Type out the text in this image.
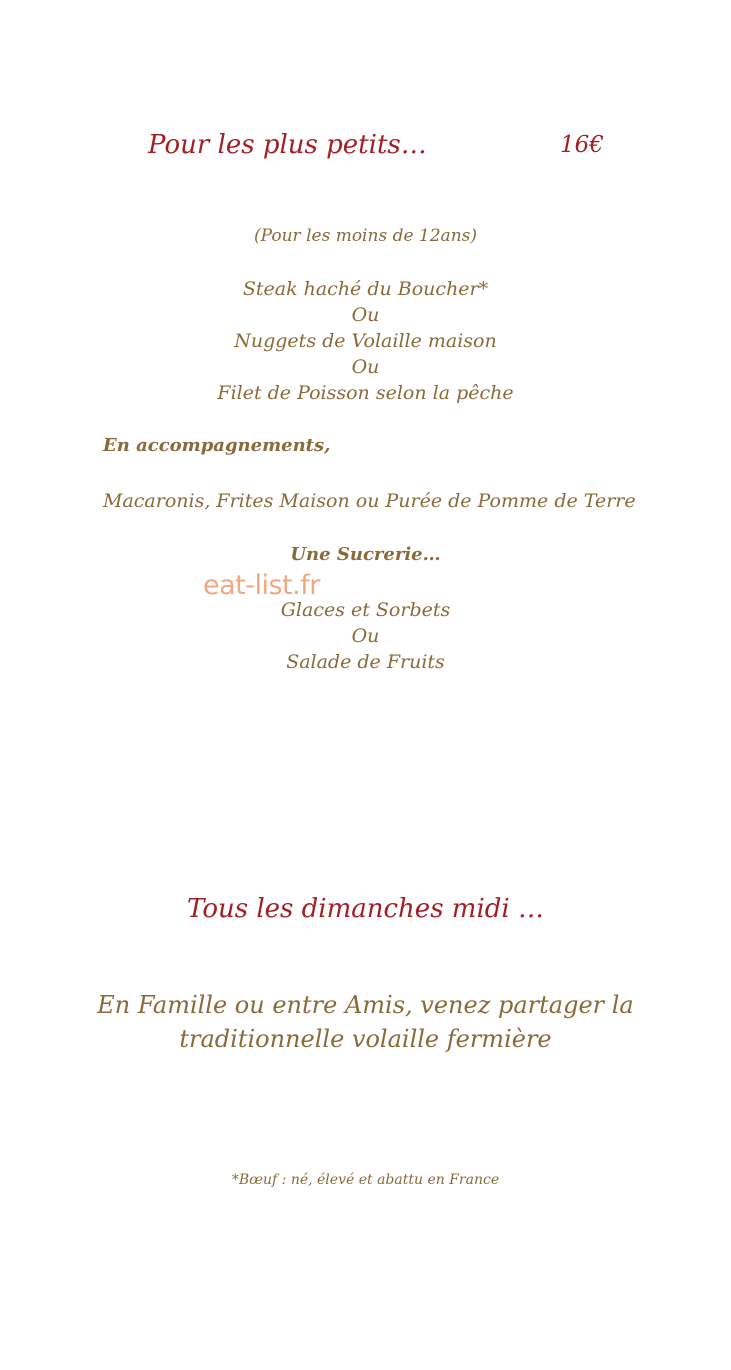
Pour les plus petits…	16€
(Pour les moins de 12ans)
Steak haché du Boucher*
Ou
Nuggets de Volaille maison
Ou
Filet de Poisson selon la pêche
En accompagnements,
Macaronis, Frites Maison ou Purée de Pomme de Terre
Une Sucrerie…
Glaces et Sorbets
Ou
Salade de Fruits
eat-list.fr
Tous les dimanches midi …
En Famille ou entre Amis, venez partager la
traditionnelle volaille fermière
*Bœuf : né, élevé et abattu en France
